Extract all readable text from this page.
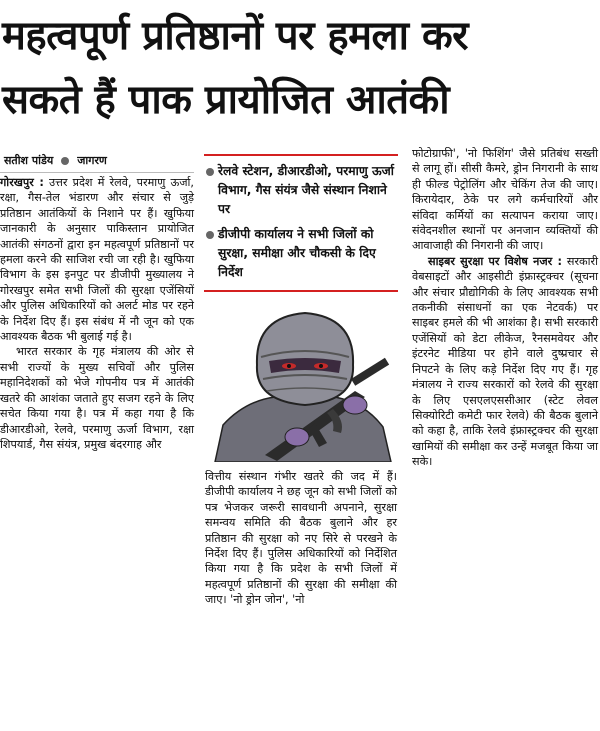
महत्वपूर्ण प्रतिष्ठानों पर हमला कर
सकते हैं पाक प्रायोजित आतंकी
सतीश पांडेय जागरण

गोरखपुर : उत्तर प्रदेश में रेलवे, परमाणु ऊर्जा, रक्षा, गैस-तेल भंडारण और संचार से जुड़े प्रतिष्ठान आतंकियों के निशाने पर हैं। खुफिया जानकारी के अनुसार पाकिस्तान प्रायोजित आतंकी संगठनों द्वारा इन महत्वपूर्ण प्रतिष्ठानों पर हमला करने की साजिश रची जा रही है। खुफिया विभाग के इस इनपुट पर डीजीपी मुख्यालय ने गोरखपुर समेत सभी जिलों की सुरक्षा एजेंसियों और पुलिस अधिकारियों को अलर्ट मोड पर रहने के निर्देश दिए हैं। इस संबंध में नौ जून को एक आवश्यक बैठक भी बुलाई गई है।

भारत सरकार के गृह मंत्रालय की ओर से सभी राज्यों के मुख्य सचिवों और पुलिस महानिदेशकों को भेजे गोपनीय पत्र में आतंकी खतरे की आशंका जताते हुए सजग रहने के लिए सचेत किया गया है। पत्र में कहा गया है कि डीआरडीओ, रेलवे, परमाणु ऊर्जा विभाग, रक्षा शिपयार्ड, गैस संयंत्र, प्रमुख बंदरगाह और

रेलवे स्टेशन, डीआरडीओ, परमाणु ऊर्जा विभाग, गैस संयंत्र जैसे संस्थान निशाने पर
डीजीपी कार्यालय ने सभी जिलों को सुरक्षा, समीक्षा और चौकसी के दिए निर्देश

वित्तीय संस्थान गंभीर खतरे की जद में हैं। डीजीपी कार्यालय ने छह जून को सभी जिलों को पत्र भेजकर जरूरी सावधानी अपनाने, सुरक्षा समन्वय समिति की बैठक बुलाने और हर प्रतिष्ठान की सुरक्षा को नए सिरे से परखने के निर्देश दिए हैं। पुलिस अधिकारियों को निर्देशित किया गया है कि प्रदेश के सभी जिलों में महत्वपूर्ण प्रतिष्ठानों की सुरक्षा की समीक्षा की जाए। 'नो ड्रोन जोन', 'नो

फोटोग्राफी', 'नो फिशिंग' जैसे प्रतिबंध सख्ती से लागू हों। सीसी कैमरे, ड्रोन निगरानी के साथ ही फील्ड पेट्रोलिंग और चेकिंग तेज की जाए। किरायेदार, ठेके पर लगे कर्मचारियों और संविदा कर्मियों का सत्यापन कराया जाए। संवेदनशील स्थानों पर अनजान व्यक्तियों की आवाजाही की निगरानी की जाए।

साइबर सुरक्षा पर विशेष नजर : सरकारी वेबसाइटों और आइसीटी इंफ्रास्ट्रक्चर (सूचना और संचार प्रौद्योगिकी के लिए आवश्यक सभी तकनीकी संसाधनों का एक नेटवर्क) पर साइबर हमले की भी आशंका है। सभी सरकारी एजेंसियों को डेटा लीकेज, रैनसमवेयर और इंटरनेट मीडिया पर होने वाले दुष्प्रचार से निपटने के लिए कड़े निर्देश दिए गए हैं। गृह मंत्रालय ने राज्य सरकारों को रेलवे की सुरक्षा के लिए एसएलएससीआर (स्टेट लेवल सिक्योरिटी कमेटी फार रेलवे) की बैठक बुलाने को कहा है, ताकि रेलवे इंफ्रास्ट्रक्चर की सुरक्षा खामियों की समीक्षा कर उन्हें मजबूत किया जा सके।
